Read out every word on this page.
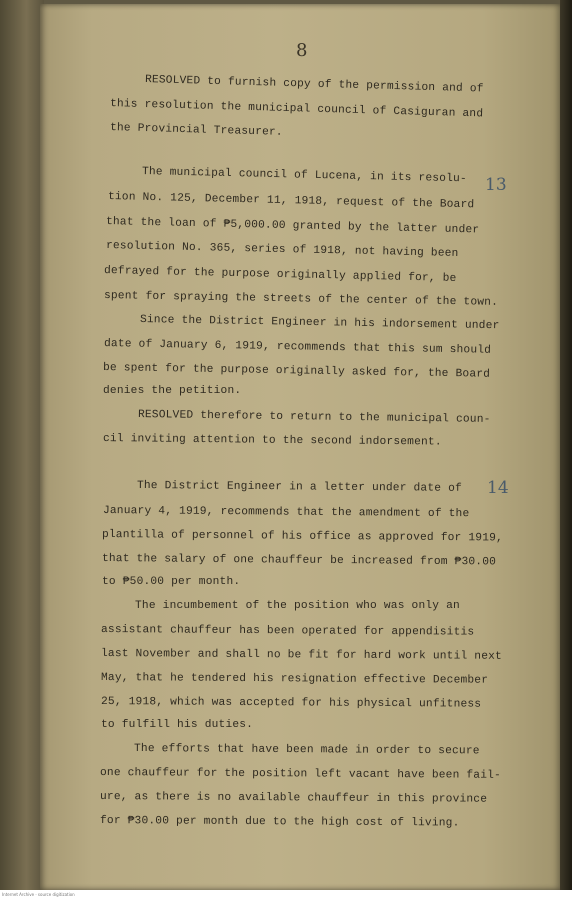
8
RESOLVED to furnish copy of the permission and of
this resolution the municipal council of Casiguran and
the Provincial Treasurer.
13
The municipal council of Lucena, in its resolu-
tion No. 125, December 11, 1918, request of the Board
that the loan of ₱5,000.00 granted by the latter under
resolution No. 365, series of 1918, not having been
defrayed for the purpose originally applied for, be
spent for spraying the streets of the center of the town.
Since the District Engineer in his indorsement under
date of January 6, 1919, recommends that this sum should
be spent for the purpose originally asked for, the Board
denies the petition.
RESOLVED therefore to return to the municipal coun-
cil inviting attention to the second indorsement.
14
The District Engineer in a letter under date of
January 4, 1919, recommends that the amendment of the
plantilla of personnel of his office as approved for 1919,
that the salary of one chauffeur be increased from ₱30.00
to ₱50.00 per month.
The incumbement of the position who was only an
assistant chauffeur has been operated for appendisitis
last November and shall no be fit for hard work until next
May, that he tendered his resignation effective December
25, 1918, which was accepted for his physical unfitness
to fulfill his duties.
The efforts that have been made in order to secure
one chauffeur for the position left vacant have been fail-
ure, as there is no available chauffeur in this province
for ₱30.00 per month due to the high cost of living.
Internet Archive · source digitization
